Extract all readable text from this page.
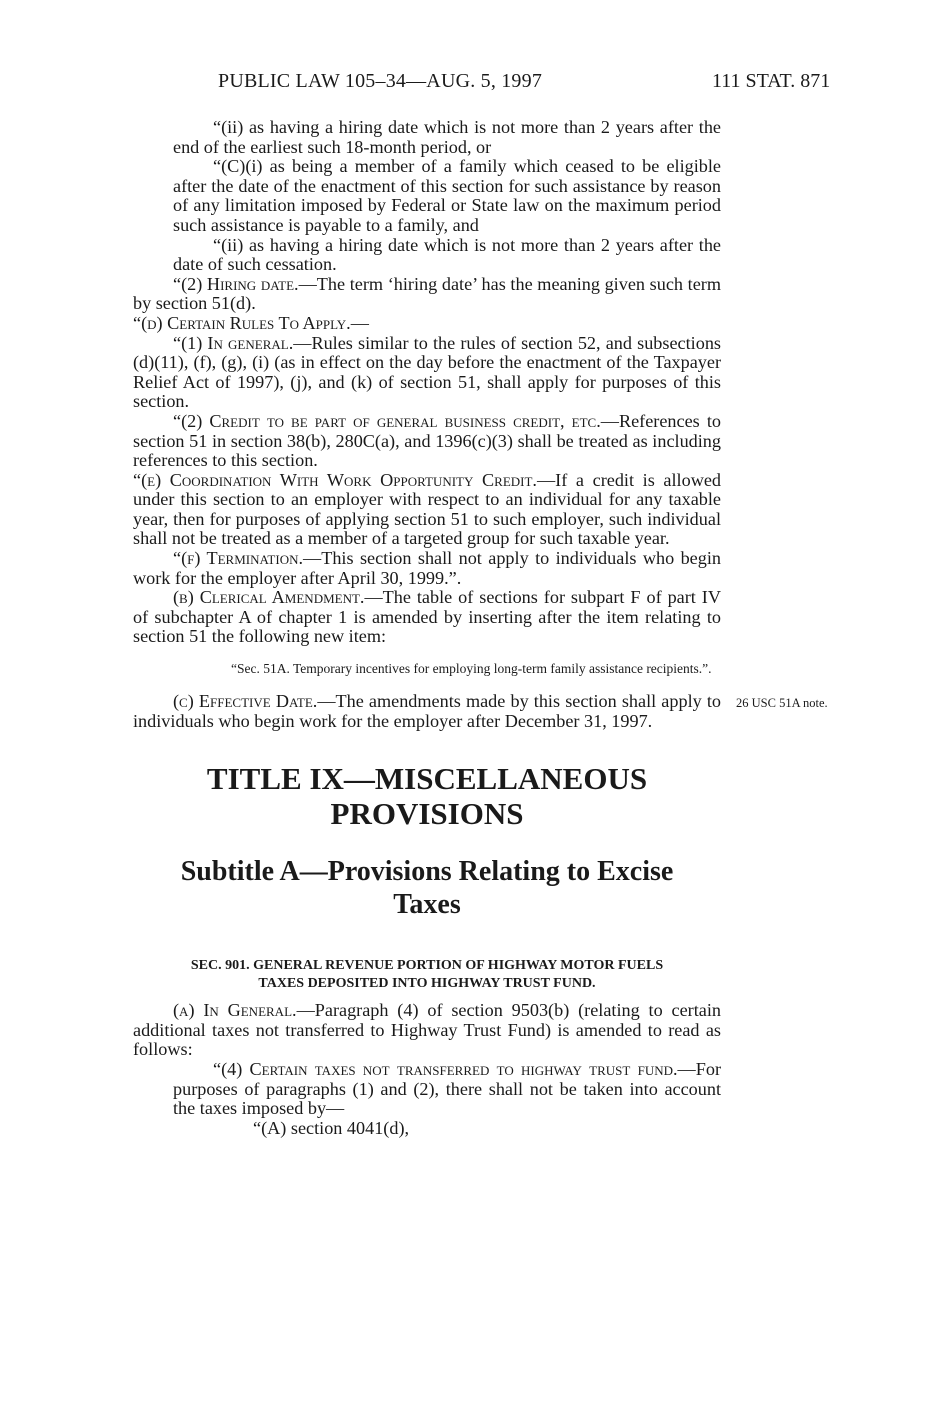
PUBLIC LAW 105–34—AUG. 5, 1997	111 STAT. 871

“(ii) as having a hiring date which is not more than 2 years after the end of the earliest such 18-month period, or

“(C)(i) as being a member of a family which ceased to be eligible after the date of the enactment of this section for such assistance by reason of any limitation imposed by Federal or State law on the maximum period such assistance is payable to a family, and

“(ii) as having a hiring date which is not more than 2 years after the date of such cessation.

“(2) Hiring date.—The term ‘hiring date’ has the meaning given such term by section 51(d).

“(d) Certain Rules To Apply.—

“(1) In general.—Rules similar to the rules of section 52, and subsections (d)(11), (f), (g), (i) (as in effect on the day before the enactment of the Taxpayer Relief Act of 1997), (j), and (k) of section 51, shall apply for purposes of this section.

“(2) Credit to be part of general business credit, etc.—References to section 51 in section 38(b), 280C(a), and 1396(c)(3) shall be treated as including references to this section.

“(e) Coordination With Work Opportunity Credit.—If a credit is allowed under this section to an employer with respect to an individual for any taxable year, then for purposes of applying section 51 to such employer, such individual shall not be treated as a member of a targeted group for such taxable year.

“(f) Termination.—This section shall not apply to individuals who begin work for the employer after April 30, 1999.”.

(b) Clerical Amendment.—The table of sections for subpart F of part IV of subchapter A of chapter 1 is amended by inserting after the item relating to section 51 the following new item:

“Sec. 51A. Temporary incentives for employing long-term family assistance recipients.”.

(c) Effective Date.—The amendments made by this section shall apply to individuals who begin work for the employer after December 31, 1997.

26 USC 51A note.
TITLE IX—MISCELLANEOUS
PROVISIONS
Subtitle A—Provisions Relating to Excise
Taxes
SEC. 901. GENERAL REVENUE PORTION OF HIGHWAY MOTOR FUELS
TAXES DEPOSITED INTO HIGHWAY TRUST FUND.

(a) In General.—Paragraph (4) of section 9503(b) (relating to certain additional taxes not transferred to Highway Trust Fund) is amended to read as follows:

“(4) Certain taxes not transferred to highway trust fund.—For purposes of paragraphs (1) and (2), there shall not be taken into account the taxes imposed by—

“(A) section 4041(d),
